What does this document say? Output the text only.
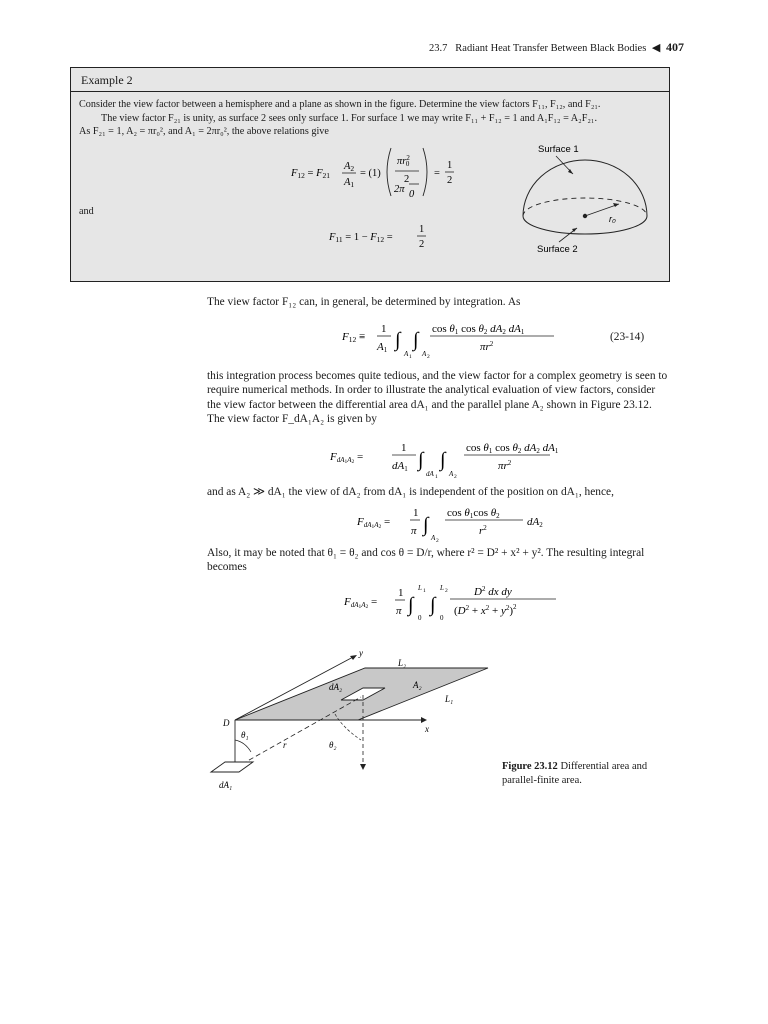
23.7 Radiant Heat Transfer Between Black Bodies ◀ 407
Example 2

Consider the view factor between a hemisphere and a plane as shown in the figure. Determine the view factors F₁₁, F₁₂, and F₂₁.

The view factor F₂₁ is unity, as surface 2 sees only surface 1. For surface 1 we may write F₁₁ + F₁₂ = 1 and A₁F₁₂ = A₂F₂₁.

As F₂₁ = 1, A₂ = πr₀², and A₁ = 2πr₀², the above relations give

and
F12 = F21
A2
A1
= (1)
$\pi r^2$ 0
2
2π 0
=
1
2
F11 = 1 − F12 =
1
2
r₀
Surface 1
Surface 2
The view factor F₁₂ can, in general, be determined by integration. As
F12 ≡
1
A1 ∫ ∫
A 1 A 2
cos θ1 cos θ2 dA2 dA1
$\pi r^2$
(23-14)
this integration process becomes quite tedious, and the view factor for a complex geometry is seen to require numerical methods. In order to illustrate the analytical evaluation of view factors, consider the view factor between the differential area dA₁ and the parallel plane A₂ shown in Figure 23.12. The view factor F_dA₁A₂ is given by
FdA1A2 =
1
dA1 ∫ ∫
dA 1 A 2
cos θ1 cos θ2 dA2 dA1
$\pi r^2$
and as A₂ ≫ dA₁ the view of dA₂ from dA₁ is independent of the position on dA₁, hence,
FdA1A2 =
1
π ∫
A 2
cos θ1cos θ2
$r^2$	dA2
Also, it may be noted that θ₁ = θ₂ and cos θ = D/r, where r² = D² + x² + y². The resulting integral becomes
FdA1A2 =
1
π ∫
0
L 1
∫
0
L 2 $D^2$ dx dy
$(D^2 + x^2 + y^2)^2$
y
x
L₂
L₁
A₂
dA₂
r
D
θ₁
θ₂
dA₁
Figure 23.12 Differential area and parallel-finite area.
